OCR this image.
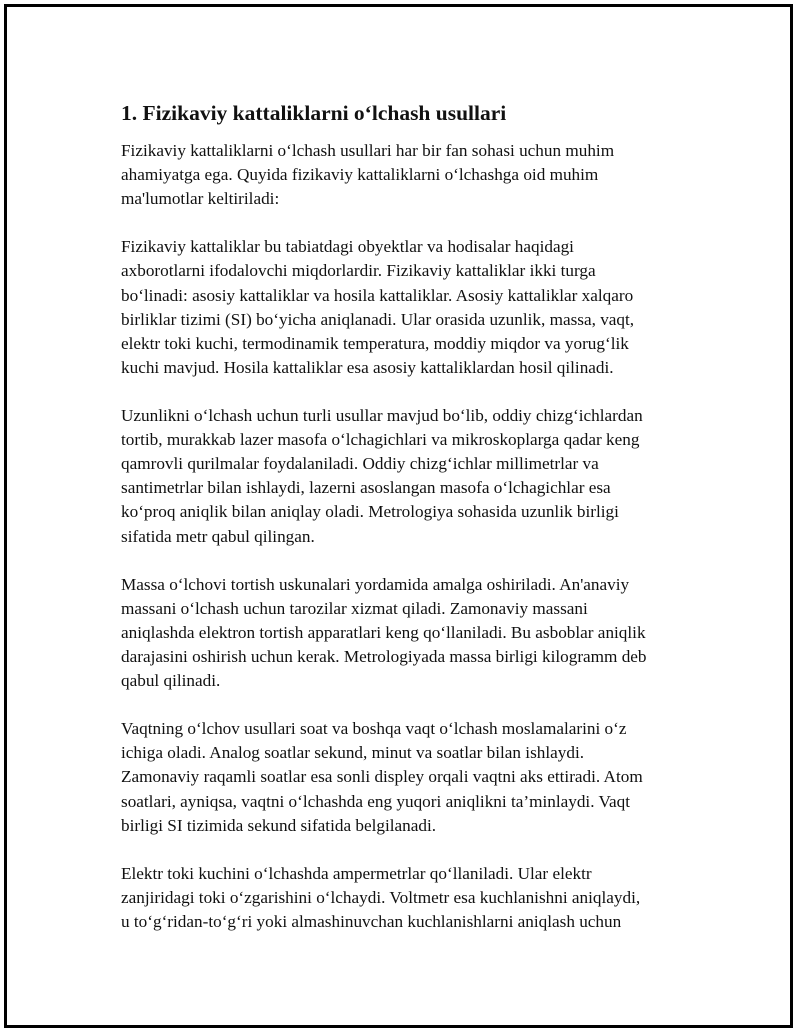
1. Fizikaviy kattaliklarni o‘lchash usullari

Fizikaviy kattaliklarni o‘lchash usullari har bir fan sohasi uchun muhim
ahamiyatga ega. Quyida fizikaviy kattaliklarni o‘lchashga oid muhim
ma'lumotlar keltiriladi:

Fizikaviy kattaliklar bu tabiatdagi obyektlar va hodisalar haqidagi
axborotlarni ifodalovchi miqdorlardir. Fizikaviy kattaliklar ikki turga
bo‘linadi: asosiy kattaliklar va hosila kattaliklar. Asosiy kattaliklar xalqaro
birliklar tizimi (SI) bo‘yicha aniqlanadi. Ular orasida uzunlik, massa, vaqt,
elektr toki kuchi, termodinamik temperatura, moddiy miqdor va yorug‘lik
kuchi mavjud. Hosila kattaliklar esa asosiy kattaliklardan hosil qilinadi.

Uzunlikni o‘lchash uchun turli usullar mavjud bo‘lib, oddiy chizg‘ichlardan
tortib, murakkab lazer masofa o‘lchagichlari va mikroskoplarga qadar keng
qamrovli qurilmalar foydalaniladi. Oddiy chizg‘ichlar millimetrlar va
santimetrlar bilan ishlaydi, lazerni asoslangan masofa o‘lchagichlar esa
ko‘proq aniqlik bilan aniqlay oladi. Metrologiya sohasida uzunlik birligi
sifatida metr qabul qilingan.

Massa o‘lchovi tortish uskunalari yordamida amalga oshiriladi. An'anaviy
massani o‘lchash uchun tarozilar xizmat qiladi. Zamonaviy massani
aniqlashda elektron tortish apparatlari keng qo‘llaniladi. Bu asboblar aniqlik
darajasini oshirish uchun kerak. Metrologiyada massa birligi kilogramm deb
qabul qilinadi.

Vaqtning o‘lchov usullari soat va boshqa vaqt o‘lchash moslamalarini o‘z
ichiga oladi. Analog soatlar sekund, minut va soatlar bilan ishlaydi.
Zamonaviy raqamli soatlar esa sonli displey orqali vaqtni aks ettiradi. Atom
soatlari, ayniqsa, vaqtni o‘lchashda eng yuqori aniqlikni ta’minlaydi. Vaqt
birligi SI tizimida sekund sifatida belgilanadi.

Elektr toki kuchini o‘lchashda ampermetrlar qo‘llaniladi. Ular elektr
zanjiridagi toki o‘zgarishini o‘lchaydi. Voltmetr esa kuchlanishni aniqlaydi,
u to‘g‘ridan-to‘g‘ri yoki almashinuvchan kuchlanishlarni aniqlash uchun
